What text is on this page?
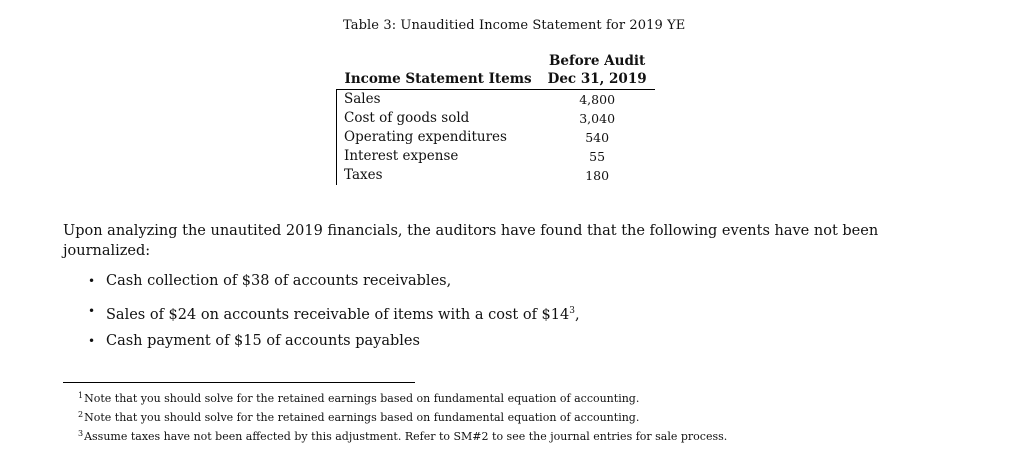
Table 3: Unauditied Income Statement for 2019 YE
	Before Audit
Income Statement Items	Dec 31, 2019
Sales	4,800
Cost of goods sold	3,040
Operating expenditures	540
Interest expense	55
Taxes	180
Upon analyzing the unautited 2019 financials, the auditors have found that the following events have not been journalized:
• Cash collection of $38 of accounts receivables,
• Sales of $24 on accounts receivable of items with a cost of $\$14^3$,
• Cash payment of $15 of accounts payables
$^1$Note that you should solve for the retained earnings based on fundamental equation of accounting.
$^2$Note that you should solve for the retained earnings based on fundamental equation of accounting.
$^3$Assume taxes have not been affected by this adjustment. Refer to SM#2 to see the journal entries for sale process.
